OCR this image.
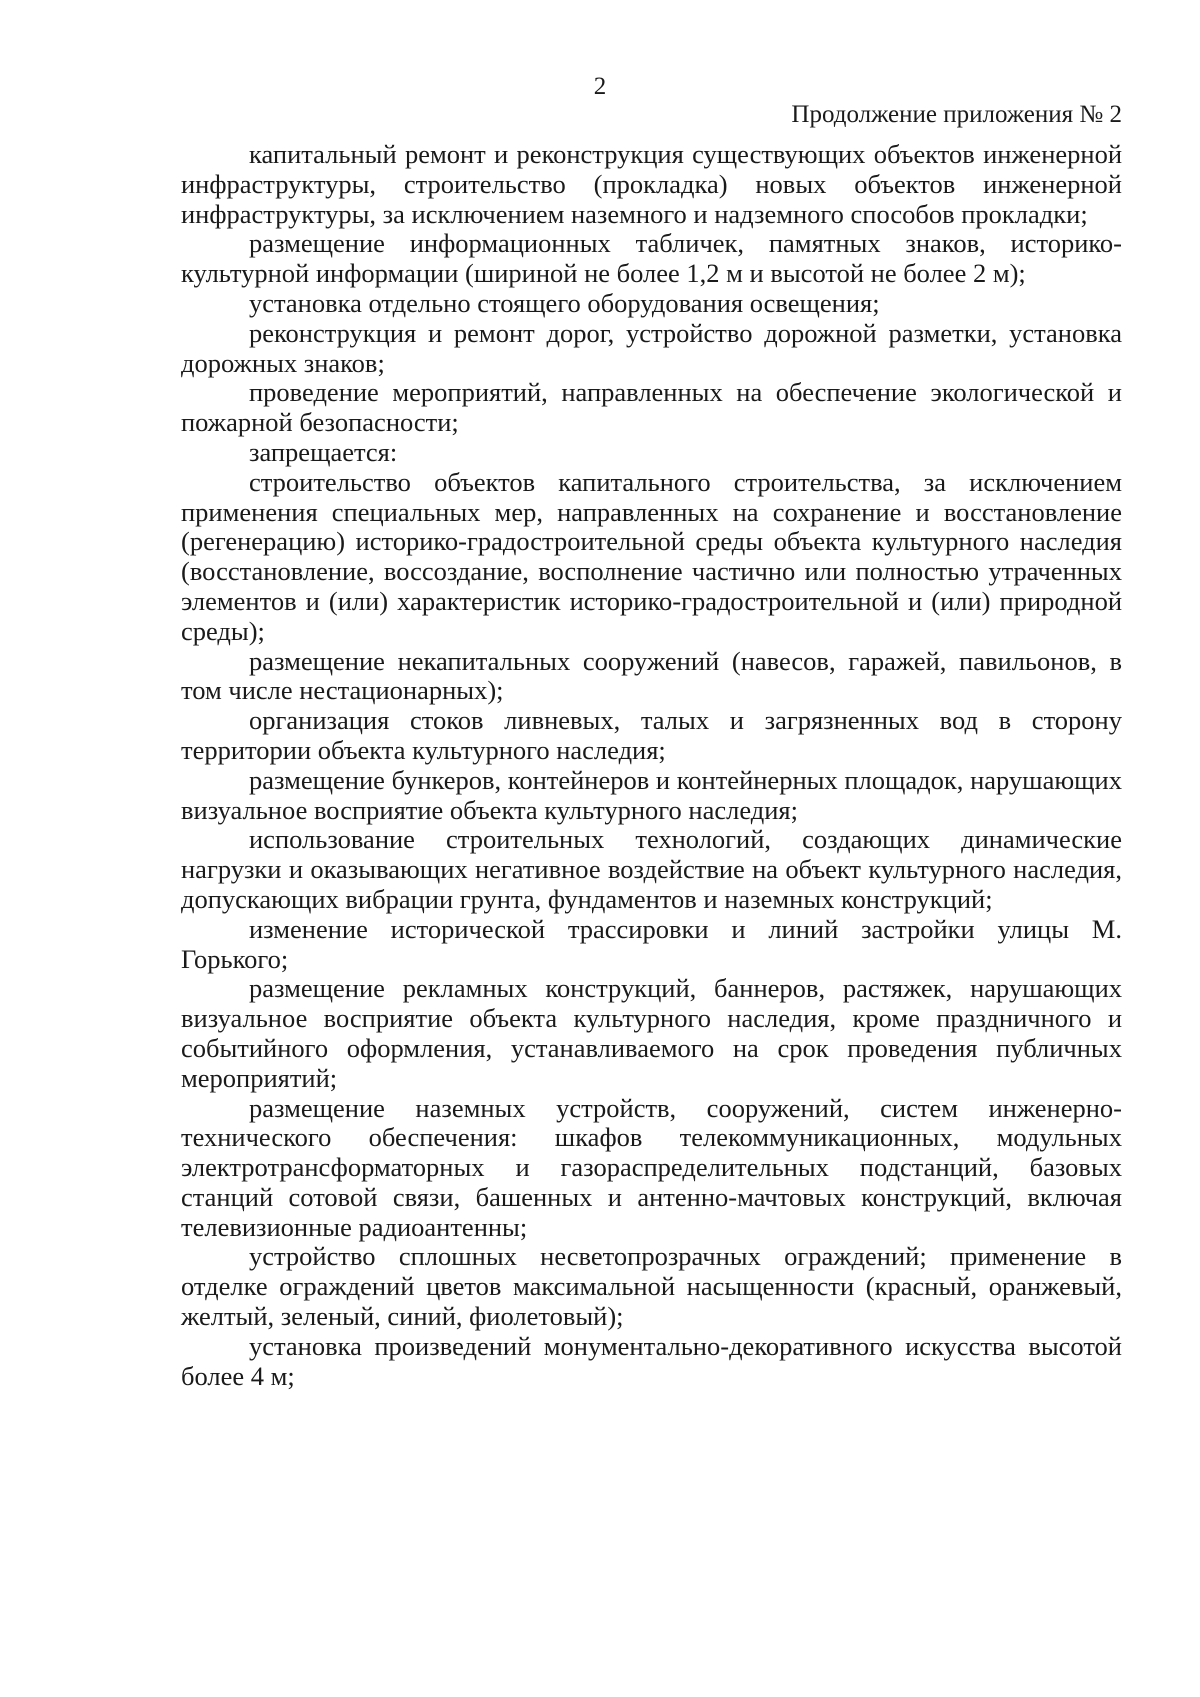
2
Продолжение приложения № 2

капитальный ремонт и реконструкция существующих объектов инженерной инфраструктуры, строительство (прокладка) новых объектов инженерной инфраструктуры, за исключением наземного и надземного способов прокладки;

размещение информационных табличек, памятных знаков, историко-культурной информации (шириной не более 1,2 м и высотой не более 2 м);

установка отдельно стоящего оборудования освещения;

реконструкция и ремонт дорог, устройство дорожной разметки, установка дорожных знаков;

проведение мероприятий, направленных на обеспечение экологической и пожарной безопасности;

запрещается:

строительство объектов капитального строительства, за исключением применения специальных мер, направленных на сохранение и восстановление (регенерацию) историко-градостроительной среды объекта культурного наследия (восстановление, воссоздание, восполнение частично или полностью утраченных элементов и (или) характеристик историко-градостроительной и (или) природной среды);

размещение некапитальных сооружений (навесов, гаражей, павильонов, в том числе нестационарных);

организация стоков ливневых, талых и загрязненных вод в сторону территории объекта культурного наследия;

размещение бункеров, контейнеров и контейнерных площадок, нарушающих визуальное восприятие объекта культурного наследия;

использование строительных технологий, создающих динамические нагрузки и оказывающих негативное воздействие на объект культурного наследия, допускающих вибрации грунта, фундаментов и наземных конструкций;

изменение исторической трассировки и линий застройки улицы М. Горького;

размещение рекламных конструкций, баннеров, растяжек, нарушающих визуальное восприятие объекта культурного наследия, кроме праздничного и событийного оформления, устанавливаемого на срок проведения публичных мероприятий;

размещение наземных устройств, сооружений, систем инженерно-технического обеспечения: шкафов телекоммуникационных, модульных электротрансформаторных и газораспределительных подстанций, базовых станций сотовой связи, башенных и антенно-мачтовых конструкций, включая телевизионные радиоантенны;

устройство сплошных несветопрозрачных ограждений; применение в отделке ограждений цветов максимальной насыщенности (красный, оранжевый, желтый, зеленый, синий, фиолетовый);

установка произведений монументально-декоративного искусства высотой более 4 м;
